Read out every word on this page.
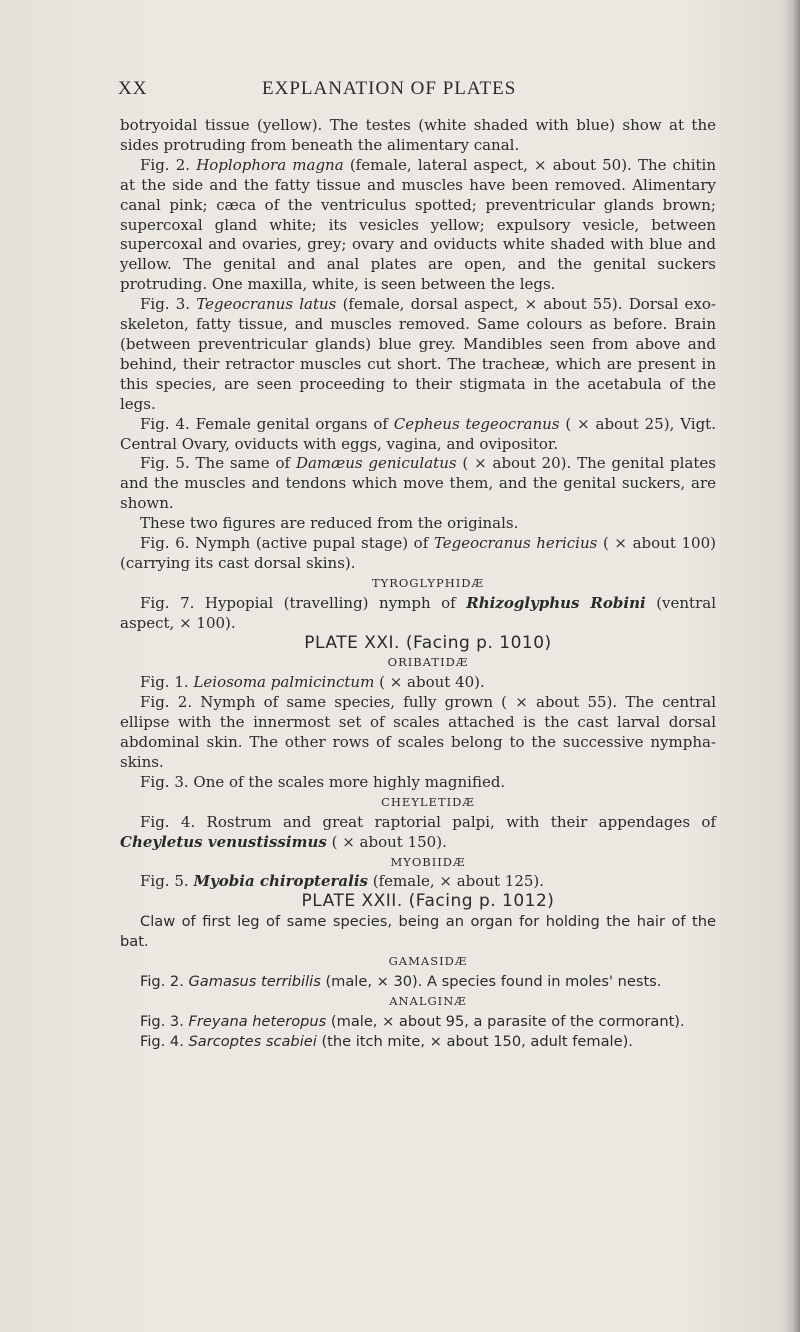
XX	EXPLANATION OF PLATES

botryoidal tissue (yellow). The testes (white shaded with blue) show at the sides protruding from beneath the alimentary canal.

Fig. 2. Hoplophora magna (female, lateral aspect, × about 50). The chitin at the side and the fatty tissue and muscles have been removed. Alimentary canal pink; cæca of the ventriculus spotted; preventricular glands brown; supercoxal gland white; its vesicles yellow; expulsory vesicle, between supercoxal and ovaries, grey; ovary and oviducts white shaded with blue and yellow. The genital and anal plates are open, and the genital suckers protruding. One maxilla, white, is seen between the legs.

Fig. 3. Tegeocranus latus (female, dorsal aspect, × about 55). Dorsal exo-skeleton, fatty tissue, and muscles removed. Same colours as before. Brain (between preventricular glands) blue grey. Mandibles seen from above and behind, their retractor muscles cut short. The tracheæ, which are present in this species, are seen proceeding to their stigmata in the acetabula of the legs.

Fig. 4. Female genital organs of Cepheus tegeocranus ( × about 25), Vigt. Central Ovary, oviducts with eggs, vagina, and ovipositor.

Fig. 5. The same of Damæus geniculatus ( × about 20). The genital plates and the muscles and tendons which move them, and the genital suckers, are shown.

These two figures are reduced from the originals.

Fig. 6. Nymph (active pupal stage) of Tegeocranus hericius ( × about 100) (carrying its cast dorsal skins).

TYROGLYPHIDÆ

Fig. 7. Hypopial (travelling) nymph of Rhizoglyphus Robini (ventral aspect, × 100).

PLATE XXI. (Facing p. 1010)

ORIBATIDÆ

Fig. 1. Leiosoma palmicinctum ( × about 40).

Fig. 2. Nymph of same species, fully grown ( × about 55). The central ellipse with the innermost set of scales attached is the cast larval dorsal abdominal skin. The other rows of scales belong to the successive nympha-skins.

Fig. 3. One of the scales more highly magnified.

CHEYLETIDÆ

Fig. 4. Rostrum and great raptorial palpi, with their appendages of Cheyletus venustissimus ( × about 150).

MYOBIIDÆ

Fig. 5. Myobia chiropteralis (female, × about 125).

PLATE XXII. (Facing p. 1012)

Claw of first leg of same species, being an organ for holding the hair of the bat.

GAMASIDÆ

Fig. 2. Gamasus terribilis (male, × 30). A species found in moles' nests.

ANALGINÆ

Fig. 3. Freyana heteropus (male, × about 95, a parasite of the cormorant).

Fig. 4. Sarcoptes scabiei (the itch mite, × about 150, adult female).
